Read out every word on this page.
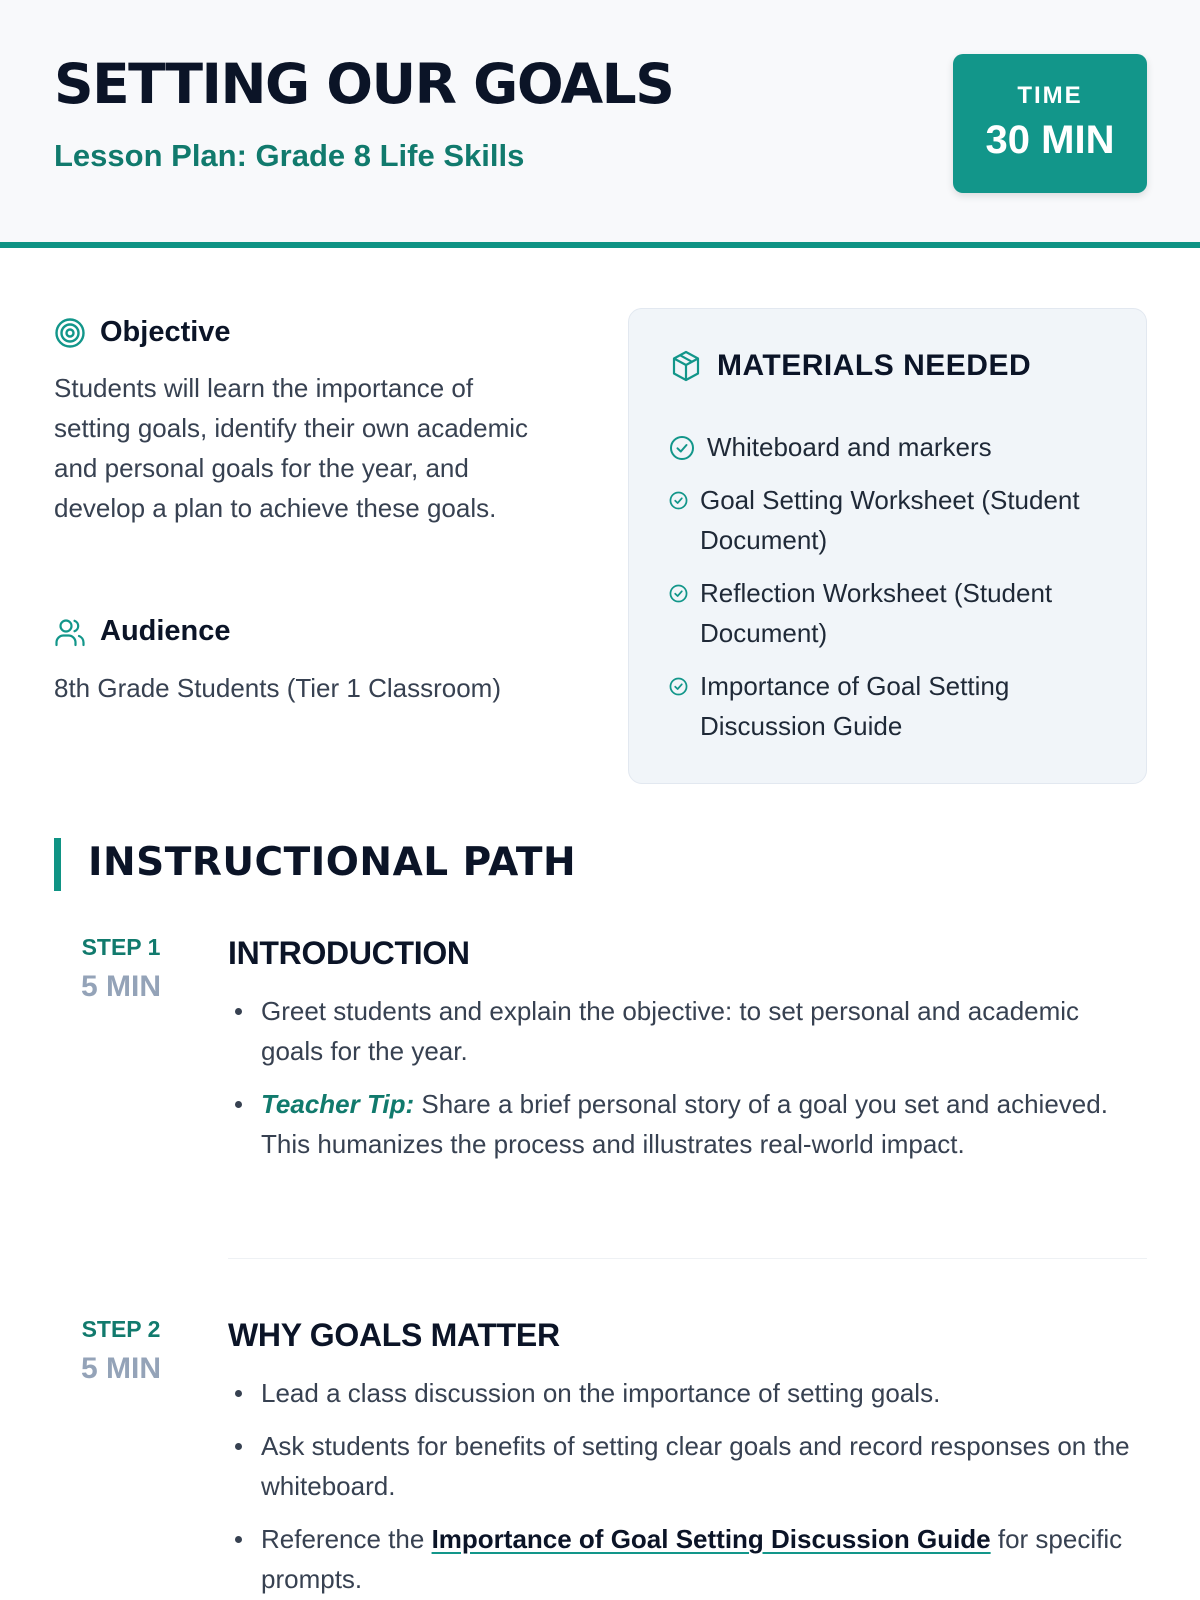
SETTING OUR GOALS
Lesson Plan: Grade 8 Life Skills
TIME
30 MIN
Objective
Students will learn the importance of setting goals, identify their own academic and personal goals for the year, and develop a plan to achieve these goals.
Audience
8th Grade Students (Tier 1 Classroom)
MATERIALS NEEDED
Whiteboard and markers
Goal Setting Worksheet (Student Document)
Reflection Worksheet (Student Document)
Importance of Goal Setting Discussion Guide
INSTRUCTIONAL PATH
STEP 1
5 MIN
INTRODUCTION
Greet students and explain the objective: to set personal and academic goals for the year.
Teacher Tip: Share a brief personal story of a goal you set and achieved. This humanizes the process and illustrates real-world impact.
STEP 2
5 MIN
WHY GOALS MATTER
Lead a class discussion on the importance of setting goals.
Ask students for benefits of setting clear goals and record responses on the whiteboard.
Reference the Importance of Goal Setting Discussion Guide for specific prompts.
